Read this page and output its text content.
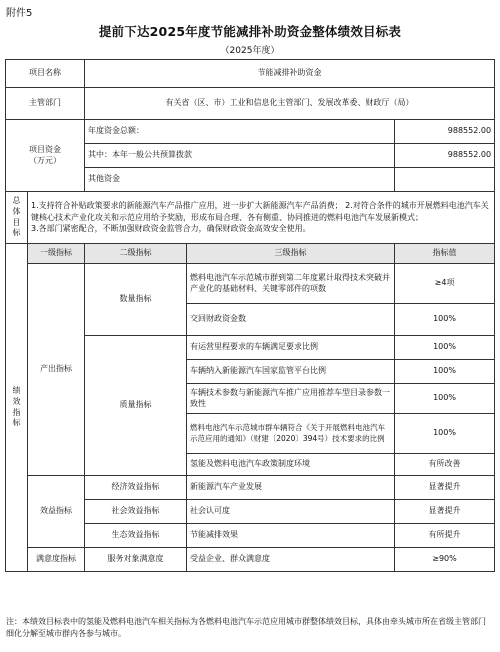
附件5
提前下达2025年度节能减排补助资金整体绩效目标表
（2025年度）
项目名称		节能减排补助资金		
主管部门		有关省（区、市）工业和信息化主管部门、发展改革委、财政厅（局）		
项目资金
（万元）		年度资金总额：		988552.00
		其中：本年一般公共预算拨款		988552.00
		其他资金		
总体目标	1.支持符合补贴政策要求的新能源汽车产品推广应用，进一步扩大新能源汽车产品消费； 2.对符合条件的城市开展燃料电池汽车关键核心技术产业化攻关和示范应用给予奖励，形成布局合理、各有侧重、协同推进的燃料电池汽车发展新模式；
3.各部门紧密配合，不断加强财政资金监管合力，确保财政资金高效安全使用。			
绩效指标	一级指标	二级指标	三级指标	指标值
	产出指标	数量指标	燃料电池汽车示范城市群到第二年度累计取得技术突破并产业化的基础材料、关键零部件的项数	≥4项
			交回财政资金数	100%
		质量指标	有运营里程要求的车辆满足要求比例	100%
			车辆纳入新能源汽车国家监管平台比例	100%
			车辆技术参数与新能源汽车推广应用推荐车型目录参数一致性	100%
			燃料电池汽车示范城市群车辆符合《关于开展燃料电池汽车示范应用的通知》（财建〔2020〕394号）技术要求的比例	100%
			氢能及燃料电池汽车政策制度环境	有所改善
	效益指标	经济效益指标	新能源汽车产业发展	显著提升
		社会效益指标	社会认可度	显著提升
		生态效益指标	节能减排效果	有所提升
	满意度指标	服务对象满意度	受益企业、群众满意度	≥90%
注：本绩效目标表中的氢能及燃料电池汽车相关指标为各燃料电池汽车示范应用城市群整体绩效目标，具体由牵头城市所在省级主管部门细化分解至城市群内各参与城市。
